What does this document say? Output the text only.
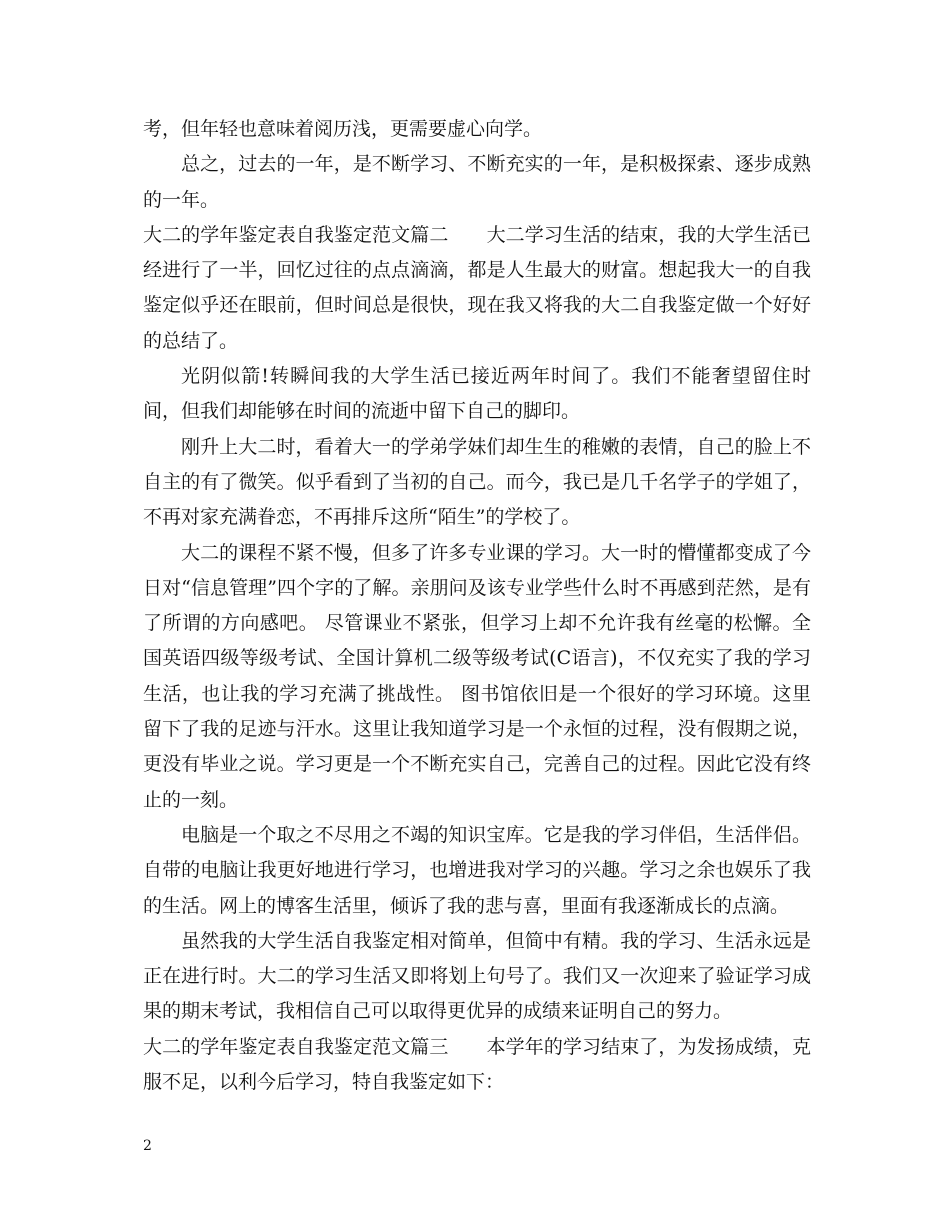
考，但年轻也意味着阅历浅，更需要虚心向学。

总之，过去的一年，是不断学习、不断充实的一年，是积极探索、逐步成熟的一年。

大二的学年鉴定表自我鉴定范文篇二　　大二学习生活的结束，我的大学生活已经进行了一半，回忆过往的点点滴滴，都是人生最大的财富。想起我大一的自我鉴定似乎还在眼前，但时间总是很快，现在我又将我的大二自我鉴定做一个好好的总结了。

光阴似箭!转瞬间我的大学生活已接近两年时间了。我们不能奢望留住时间，但我们却能够在时间的流逝中留下自己的脚印。

刚升上大二时，看着大一的学弟学妹们却生生的稚嫩的表情，自己的脸上不自主的有了微笑。似乎看到了当初的自己。而今，我已是几千名学子的学姐了，不再对家充满眷恋，不再排斥这所“陌生”的学校了。

大二的课程不紧不慢，但多了许多专业课的学习。大一时的懵懂都变成了今日对“信息管理”四个字的了解。亲朋问及该专业学些什么时不再感到茫然，是有了所谓的方向感吧。 尽管课业不紧张，但学习上却不允许我有丝毫的松懈。全国英语四级等级考试、全国计算机二级等级考试(C语言)，不仅充实了我的学习生活，也让我的学习充满了挑战性。 图书馆依旧是一个很好的学习环境。这里留下了我的足迹与汗水。这里让我知道学习是一个永恒的过程，没有假期之说，更没有毕业之说。学习更是一个不断充实自己，完善自己的过程。因此它没有终止的一刻。

电脑是一个取之不尽用之不竭的知识宝库。它是我的学习伴侣，生活伴侣。自带的电脑让我更好地进行学习，也增进我对学习的兴趣。学习之余也娱乐了我的生活。网上的博客生活里，倾诉了我的悲与喜，里面有我逐渐成长的点滴。

虽然我的大学生活自我鉴定相对简单，但简中有精。我的学习、生活永远是正在进行时。大二的学习生活又即将划上句号了。我们又一次迎来了验证学习成果的期末考试，我相信自己可以取得更优异的成绩来证明自己的努力。

大二的学年鉴定表自我鉴定范文篇三　　本学年的学习结束了，为发扬成绩，克服不足，以利今后学习，特自我鉴定如下：

2
